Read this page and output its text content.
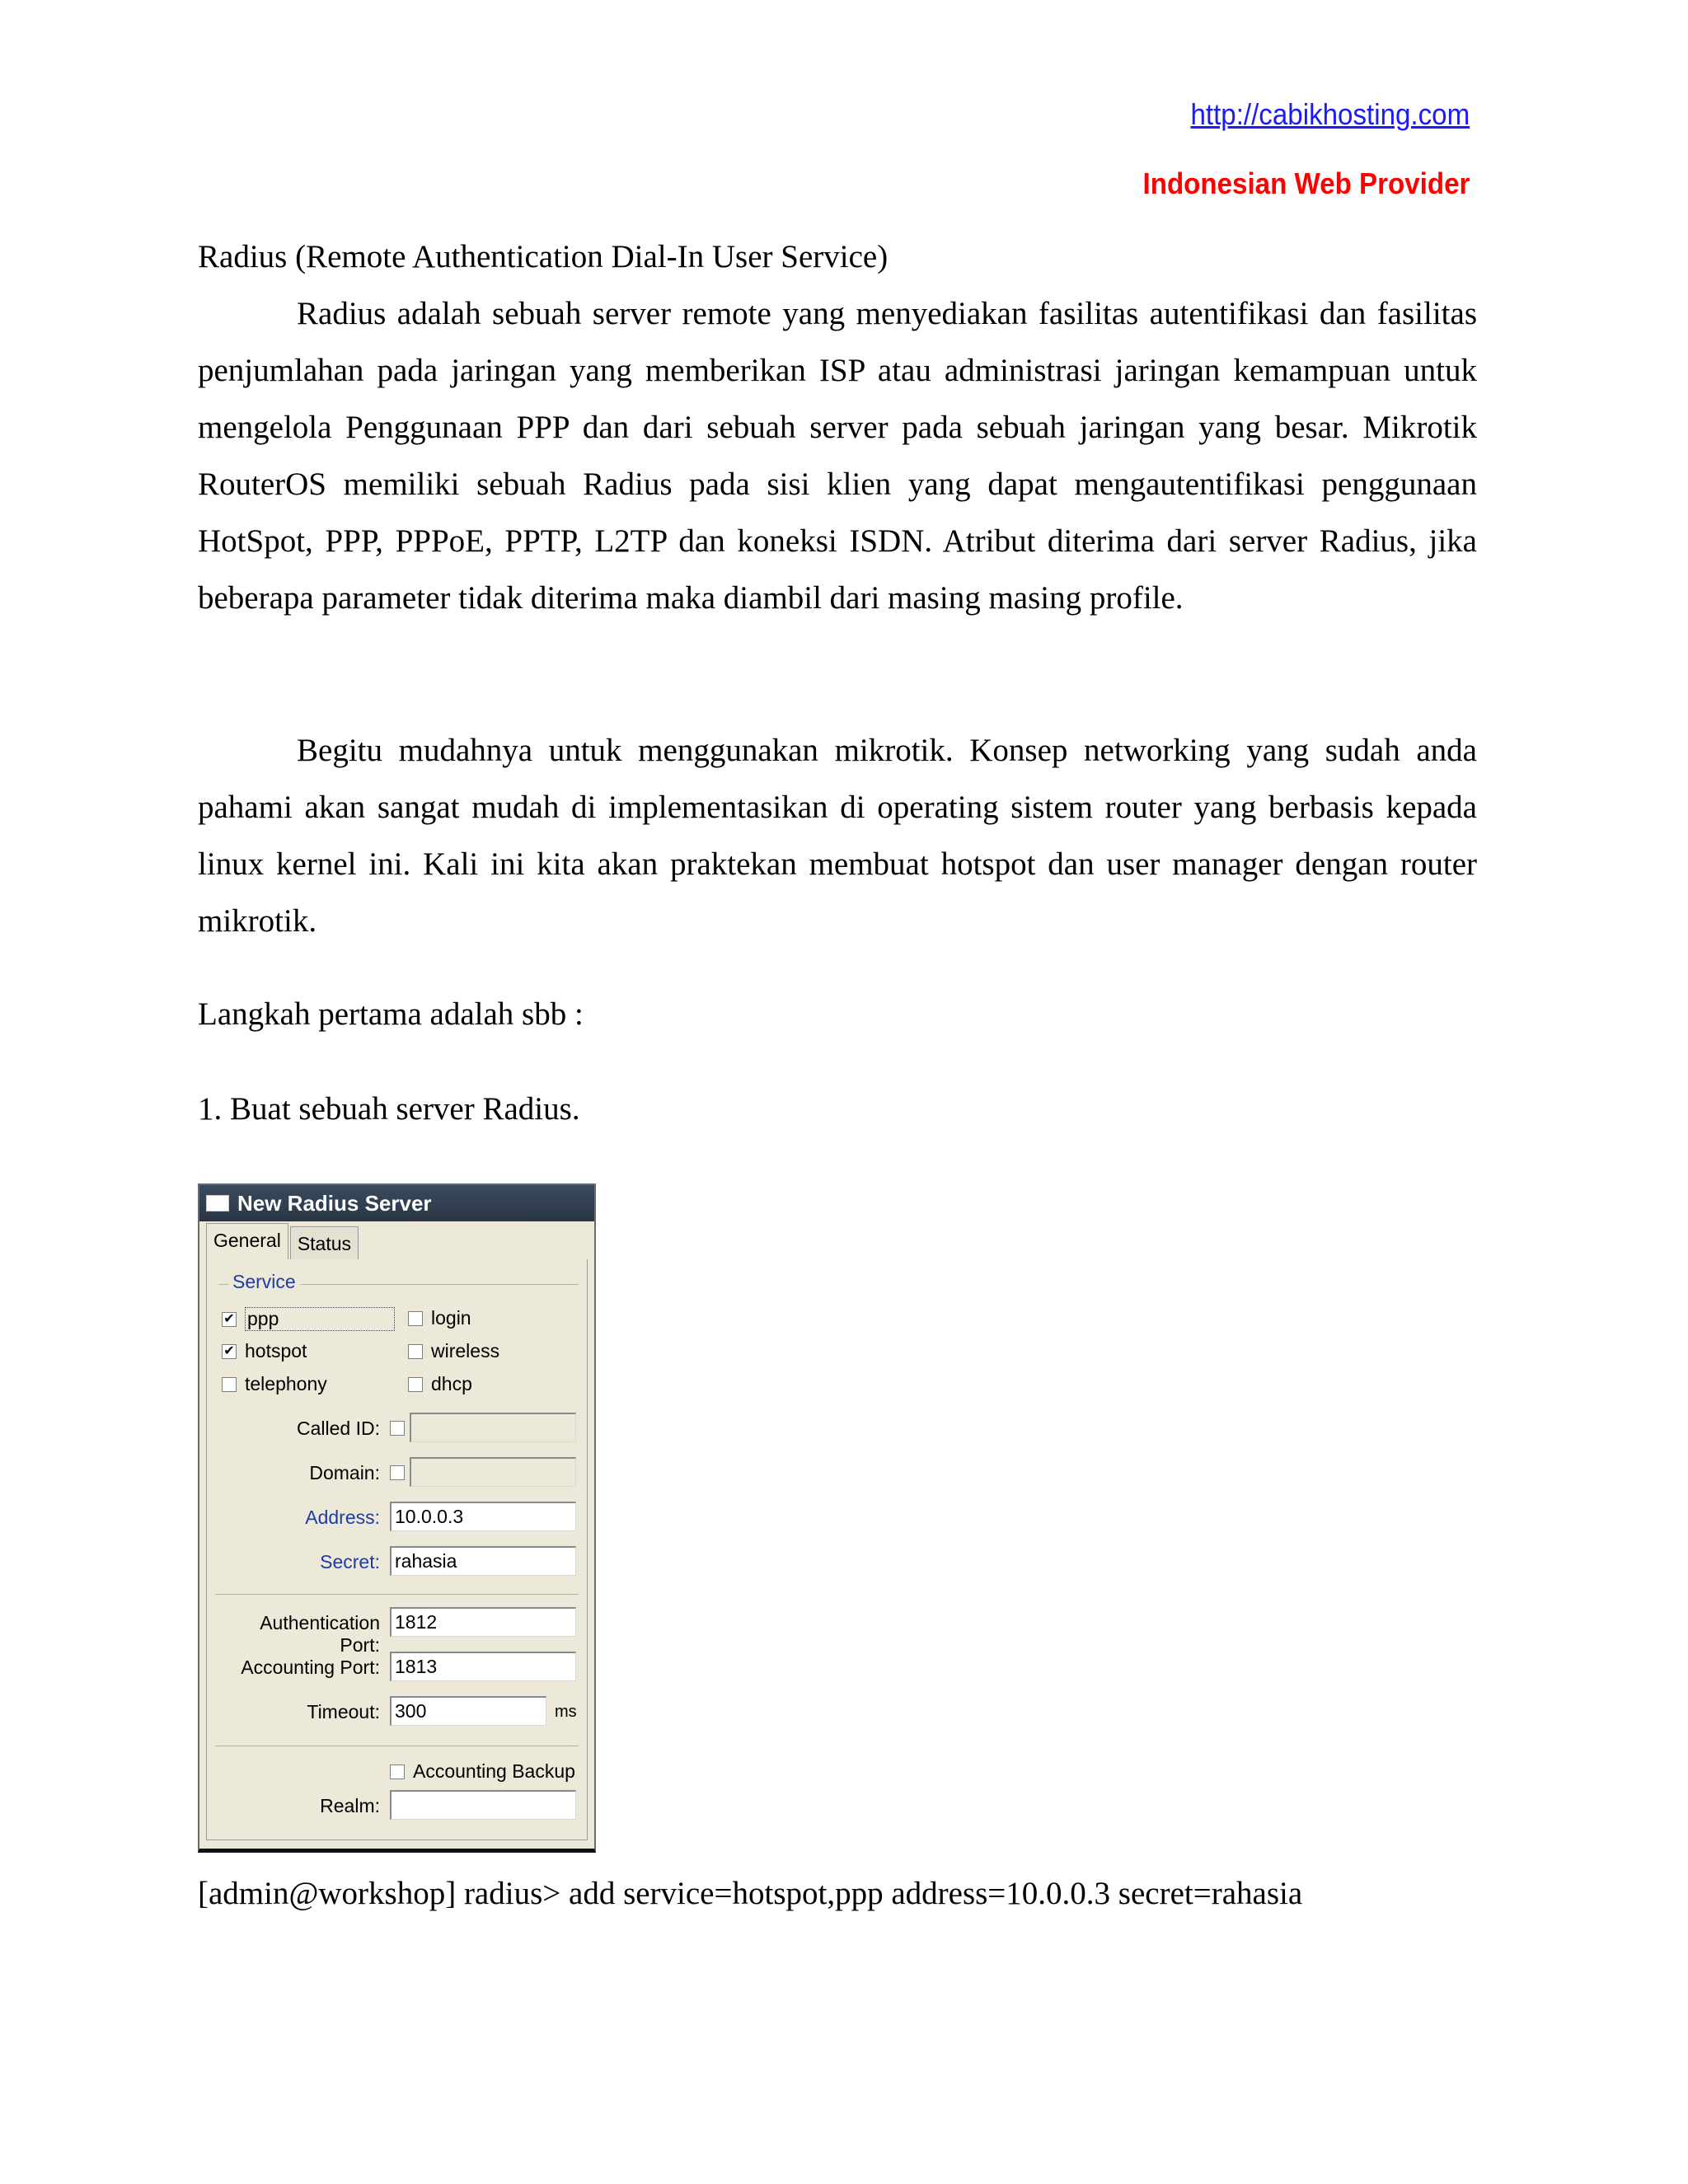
http://cabikhosting.com
Indonesian Web Provider
Radius (Remote Authentication Dial-In User Service)

Radius adalah sebuah server remote yang menyediakan fasilitas autentifikasi dan fasilitas penjumlahan pada jaringan yang memberikan ISP atau administrasi jaringan kemampuan untuk mengelola Penggunaan PPP dan dari sebuah server pada sebuah jaringan yang besar. Mikrotik RouterOS memiliki sebuah Radius pada sisi klien yang dapat mengautentifikasi penggunaan HotSpot, PPP, PPPoE, PPTP, L2TP dan koneksi ISDN. Atribut diterima dari server Radius, jika beberapa parameter tidak diterima maka diambil dari masing masing profile.

Begitu mudahnya untuk menggunakan mikrotik. Konsep networking yang sudah anda pahami akan sangat mudah di implementasikan di operating sistem router yang berbasis kepada linux kernel ini. Kali ini kita akan praktekan membuat hotspot dan user manager dengan router mikrotik.

Langkah pertama adalah sbb :
1. Buat sebuah server Radius.
New Radius Server
General Status
Service
✔ ppp	login
✔ hotspot	wireless
telephony	dhcp
Called ID:
Domain:
Address: 10.0.0.3
Secret: rahasia
Authentication Port:
1812
Accounting Port: 1813
Timeout: 300	ms
Accounting Backup
Realm:
[admin@workshop] radius> add service=hotspot,ppp address=10.0.0.3 secret=rahasia
